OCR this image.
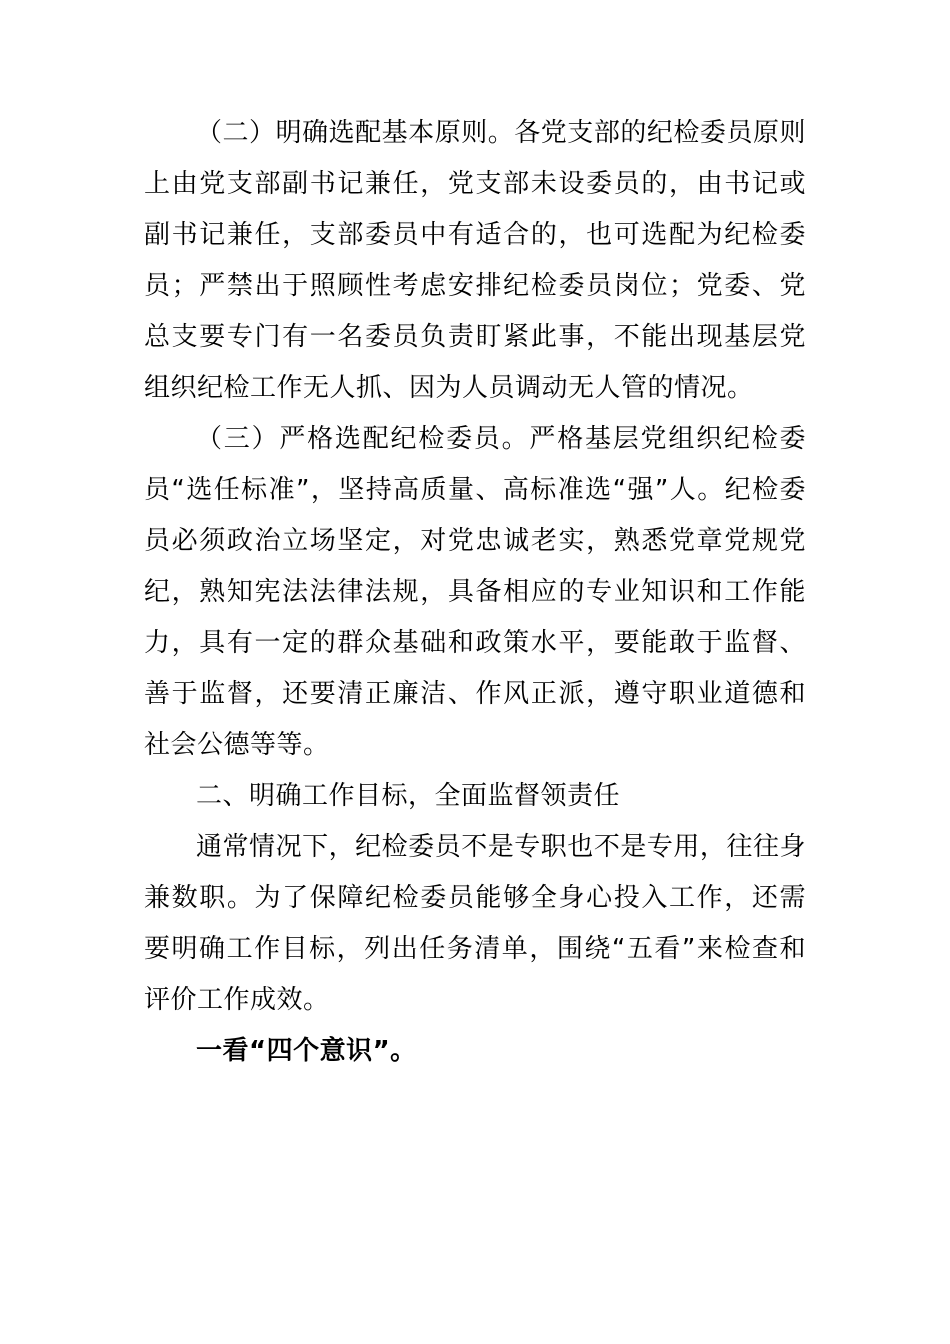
（二）明确选配基本原则。各党支部的纪检委员原则上由党支部副书记兼任，党支部未设委员的，由书记或副书记兼任，支部委员中有适合的，也可选配为纪检委员；严禁出于照顾性考虑安排纪检委员岗位；党委、党总支要专门有一名委员负责盯紧此事，不能出现基层党组织纪检工作无人抓、因为人员调动无人管的情况。

（三）严格选配纪检委员。严格基层党组织纪检委员“选任标准”，坚持高质量、高标准选“强”人。纪检委员必须政治立场坚定，对党忠诚老实，熟悉党章党规党纪，熟知宪法法律法规，具备相应的专业知识和工作能力，具有一定的群众基础和政策水平，要能敢于监督、善于监督，还要清正廉洁、作风正派，遵守职业道德和社会公德等等。

二、明确工作目标，全面监督领责任

通常情况下，纪检委员不是专职也不是专用，往往身兼数职。为了保障纪检委员能够全身心投入工作，还需要明确工作目标，列出任务清单，围绕“五看”来检查和评价工作成效。

一看“四个意识”。
